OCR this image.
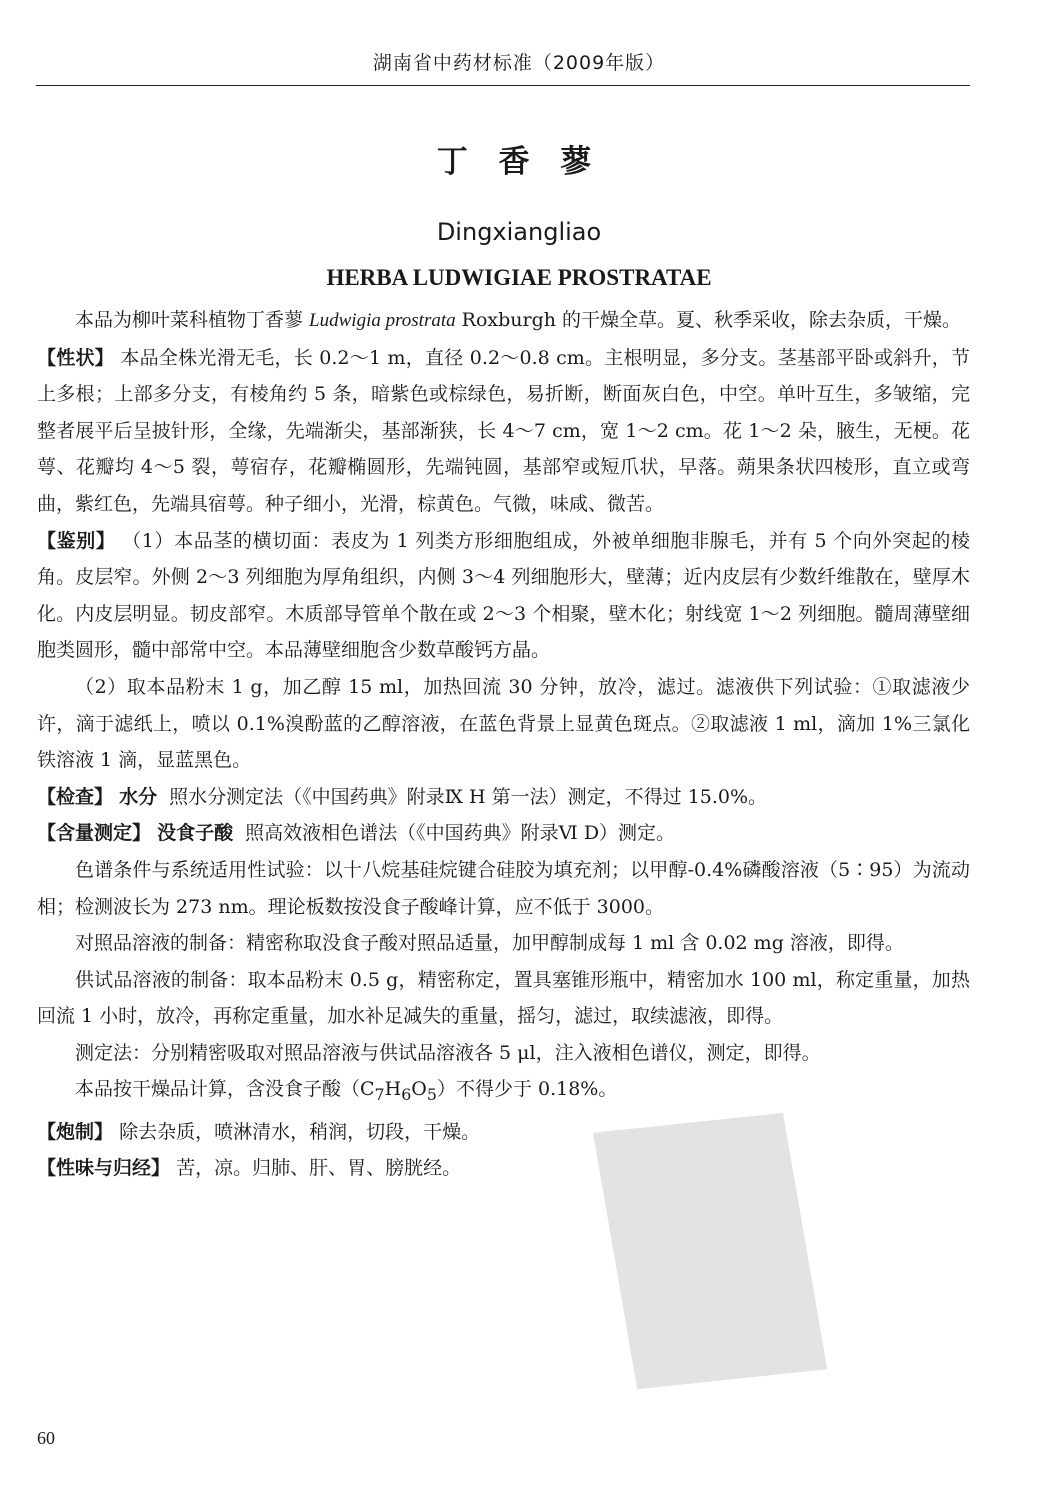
湖南省中药材标准（2009年版）
丁 香 蓼
Dingxiangliao
HERBA LUDWIGIAE PROSTRATAE

本品为柳叶菜科植物丁香蓼 Ludwigia prostrata Roxburgh 的干燥全草。夏、秋季采收，除去杂质，干燥。

【性状】 本品全株光滑无毛，长 0.2～1 m，直径 0.2～0.8 cm。主根明显，多分支。茎基部平卧或斜升，节上多根；上部多分支，有棱角约 5 条，暗紫色或棕绿色，易折断，断面灰白色，中空。单叶互生，多皱缩，完整者展平后呈披针形，全缘，先端渐尖，基部渐狭，长 4～7 cm，宽 1～2 cm。花 1～2 朵，腋生，无梗。花萼、花瓣均 4～5 裂，萼宿存，花瓣椭圆形，先端钝圆，基部窄或短爪状，早落。蒴果条状四棱形，直立或弯曲，紫红色，先端具宿萼。种子细小，光滑，棕黄色。气微，味咸、微苦。

【鉴别】 （1）本品茎的横切面：表皮为 1 列类方形细胞组成，外被单细胞非腺毛，并有 5 个向外突起的棱角。皮层窄。外侧 2～3 列细胞为厚角组织，内侧 3～4 列细胞形大，壁薄；近内皮层有少数纤维散在，壁厚木化。内皮层明显。韧皮部窄。木质部导管单个散在或 2～3 个相聚，壁木化；射线宽 1～2 列细胞。髓周薄壁细胞类圆形，髓中部常中空。本品薄壁细胞含少数草酸钙方晶。

（2）取本品粉末 1 g，加乙醇 15 ml，加热回流 30 分钟，放冷，滤过。滤液供下列试验：①取滤液少许，滴于滤纸上，喷以 0.1%溴酚蓝的乙醇溶液，在蓝色背景上显黄色斑点。②取滤液 1 ml，滴加 1%三氯化铁溶液 1 滴，显蓝黑色。

【检查】 水分 照水分测定法（《中国药典》附录Ⅸ H 第一法）测定，不得过 15.0%。

【含量测定】 没食子酸 照高效液相色谱法（《中国药典》附录Ⅵ D）测定。

色谱条件与系统适用性试验：以十八烷基硅烷键合硅胶为填充剂；以甲醇-0.4%磷酸溶液（5∶95）为流动相；检测波长为 273 nm。理论板数按没食子酸峰计算，应不低于 3000。

对照品溶液的制备：精密称取没食子酸对照品适量，加甲醇制成每 1 ml 含 0.02 mg 溶液，即得。

供试品溶液的制备：取本品粉末 0.5 g，精密称定，置具塞锥形瓶中，精密加水 100 ml，称定重量，加热回流 1 小时，放冷，再称定重量，加水补足减失的重量，摇匀，滤过，取续滤液，即得。

测定法：分别精密吸取对照品溶液与供试品溶液各 5 μl，注入液相色谱仪，测定，即得。

本品按干燥品计算，含没食子酸$(C_7H_6O_5)$不得少于 0.18%。

【炮制】 除去杂质，喷淋清水，稍润，切段，干燥。

【性味与归经】 苦，凉。归肺、肝、胃、膀胱经。

60
